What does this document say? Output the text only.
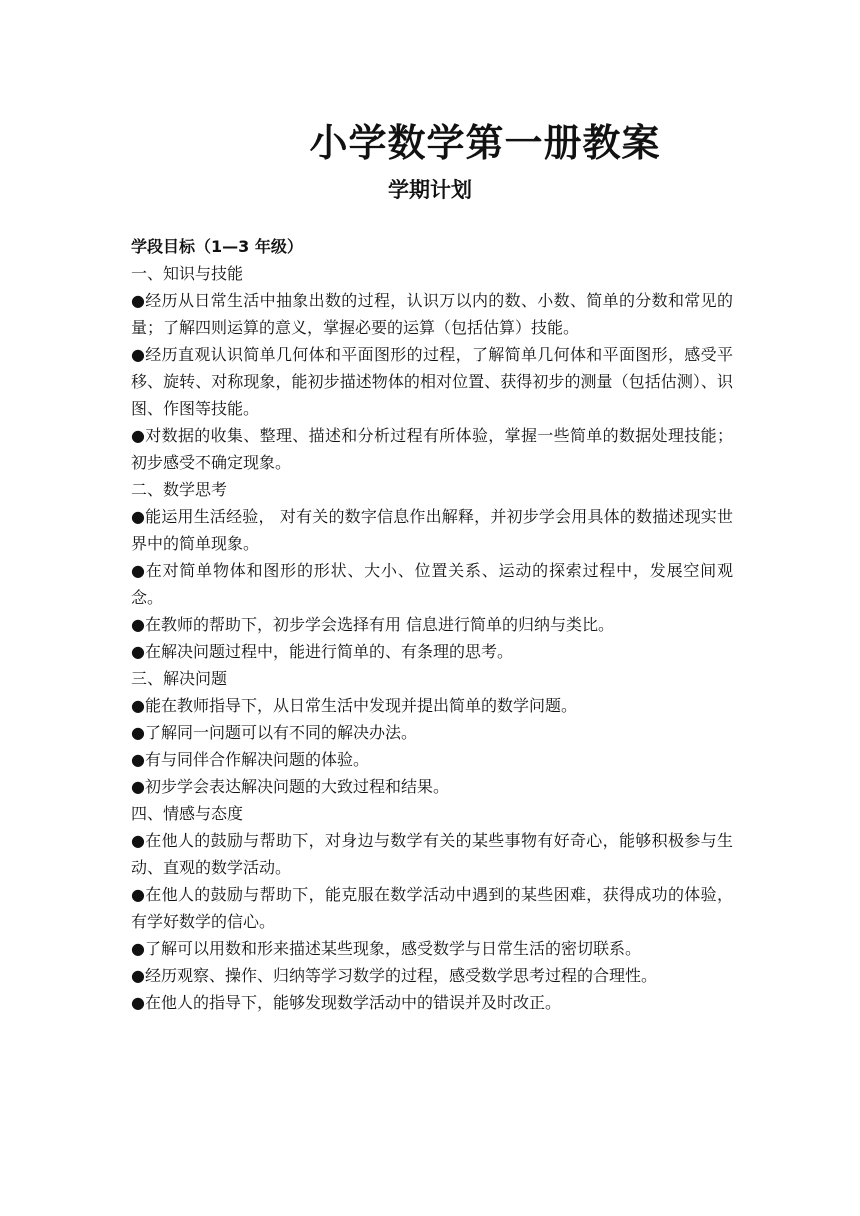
小学数学第一册教案
学期计划

学段目标（1—3 年级）

一、知识与技能

● 经历从日常生活中抽象出数的过程，认识万以内的数、小数、简单的分数和常见的量；了解四则运算的意义，掌握必要的运算（包括估算）技能。

● 经历直观认识简单几何体和平面图形的过程，了解简单几何体和平面图形，感受平移、旋转、对称现象，能初步描述物体的相对位置、获得初步的测量（包括估测）、识图、作图等技能。

● 对数据的收集、整理、描述和分析过程有所体验，掌握一些简单的数据处理技能；初步感受不确定现象。

二、数学思考

● 能运用生活经验， 对有关的数字信息作出解释，并初步学会用具体的数描述现实世界中的简单现象。

● 在对简单物体和图形的形状、大小、位置关系、运动的探索过程中，发展空间观念。

● 在教师的帮助下，初步学会选择有用 信息进行简单的归纳与类比。

● 在解决问题过程中，能进行简单的、有条理的思考。

三、解决问题

● 能在教师指导下，从日常生活中发现并提出简单的数学问题。

● 了解同一问题可以有不同的解决办法。

● 有与同伴合作解决问题的体验。

● 初步学会表达解决问题的大致过程和结果。

四、情感与态度

● 在他人的鼓励与帮助下，对身边与数学有关的某些事物有好奇心，能够积极参与生动、直观的数学活动。

● 在他人的鼓励与帮助下，能克服在数学活动中遇到的某些困难，获得成功的体验，有学好数学的信心。

● 了解可以用数和形来描述某些现象，感受数学与日常生活的密切联系。

● 经历观察、操作、归纳等学习数学的过程，感受数学思考过程的合理性。

● 在他人的指导下，能够发现数学活动中的错误并及时改正。
